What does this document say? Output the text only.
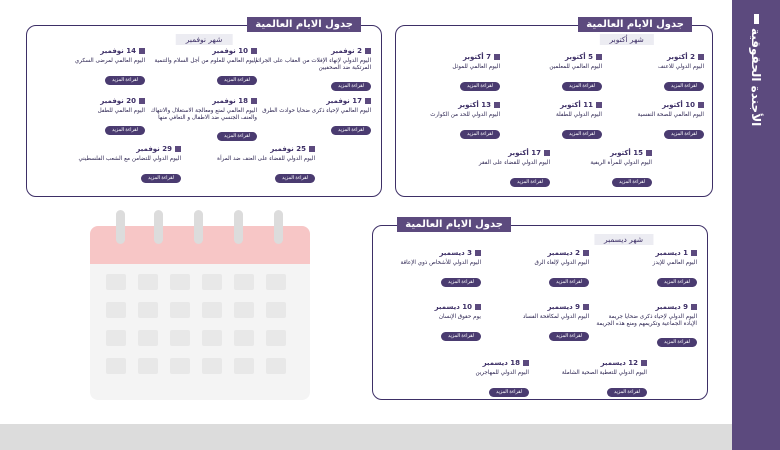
الأجندة الحقوقية
جدول الايام العالمية
شهر نوفمبر
2 نوفمبر
اليوم الدولي لإنهاء الإفلات من العقاب على الجرائم المرتكبة ضد الصحفيين
لقراءة المزيد
10 نوفمبر
اليوم العالمي للعلوم من أجل السلام والتنمية
لقراءة المزيد
14 نوفمبر
اليوم العالمي لمرضى السكري
لقراءة المزيد
17 نوفمبر
اليوم العالمي لإحياء ذكرى ضحايا حوادث الطرق
لقراءة المزيد
18 نوفمبر
اليوم العالمي لمنع ومعالجة الاستغلال والانتهاك والعنف الجنسي ضد الاطفال و التعافي منها
لقراءة المزيد
20 نوفمبر
اليوم العالمي للطفل
لقراءة المزيد
25 نوفمبر
اليوم الدولي للقضاء على العنف ضد المرأة
لقراءة المزيد
29 نوفمبر
اليوم الدولي للتضامن مع الشعب الفلسطيني
لقراءة المزيد
جدول الايام العالمية
شهر أكتوبر
2 أكتوبر
اليوم الدولي للاعنف
لقراءة المزيد
5 أكتوبر
اليوم العالمي للمعلمين
لقراءة المزيد
7 أكتوبر
اليوم العالمي للموئل
لقراءة المزيد
10 أكتوبر
اليوم العالمي للصحة النفسية
لقراءة المزيد
11 أكتوبر
اليوم الدولي للطفلة
لقراءة المزيد
13 أكتوبر
اليوم الدولي للحد من الكوارث
لقراءة المزيد
15 أكتوبر
اليوم الدولي للمرأة الريفية
لقراءة المزيد
17 أكتوبر
اليوم الدولي للقضاء على الفقر
لقراءة المزيد
جدول الايام العالمية
شهر ديسمبر
1 ديسمبر
اليوم العالمي للإيدز
لقراءة المزيد
2 ديسمبر
اليوم الدولي لإلغاء الرق
لقراءة المزيد
3 ديسمبر
اليوم الدولي للأشخاص ذوي الإعاقة
لقراءة المزيد
9 ديسمبر
اليوم الدولي لإحياء ذكرى ضحايا جريمة الإبادة الجماعية وتكريمهم ومنع هذه الجريمة
لقراءة المزيد
9 ديسمبر
اليوم الدولي لمكافحة الفساد
لقراءة المزيد
10 ديسمبر
يوم حقوق الإنسان
لقراءة المزيد
12 ديسمبر
اليوم الدولي للتغطية الصحية الشاملة
لقراءة المزيد
18 ديسمبر
اليوم الدولي للمهاجرين
لقراءة المزيد
